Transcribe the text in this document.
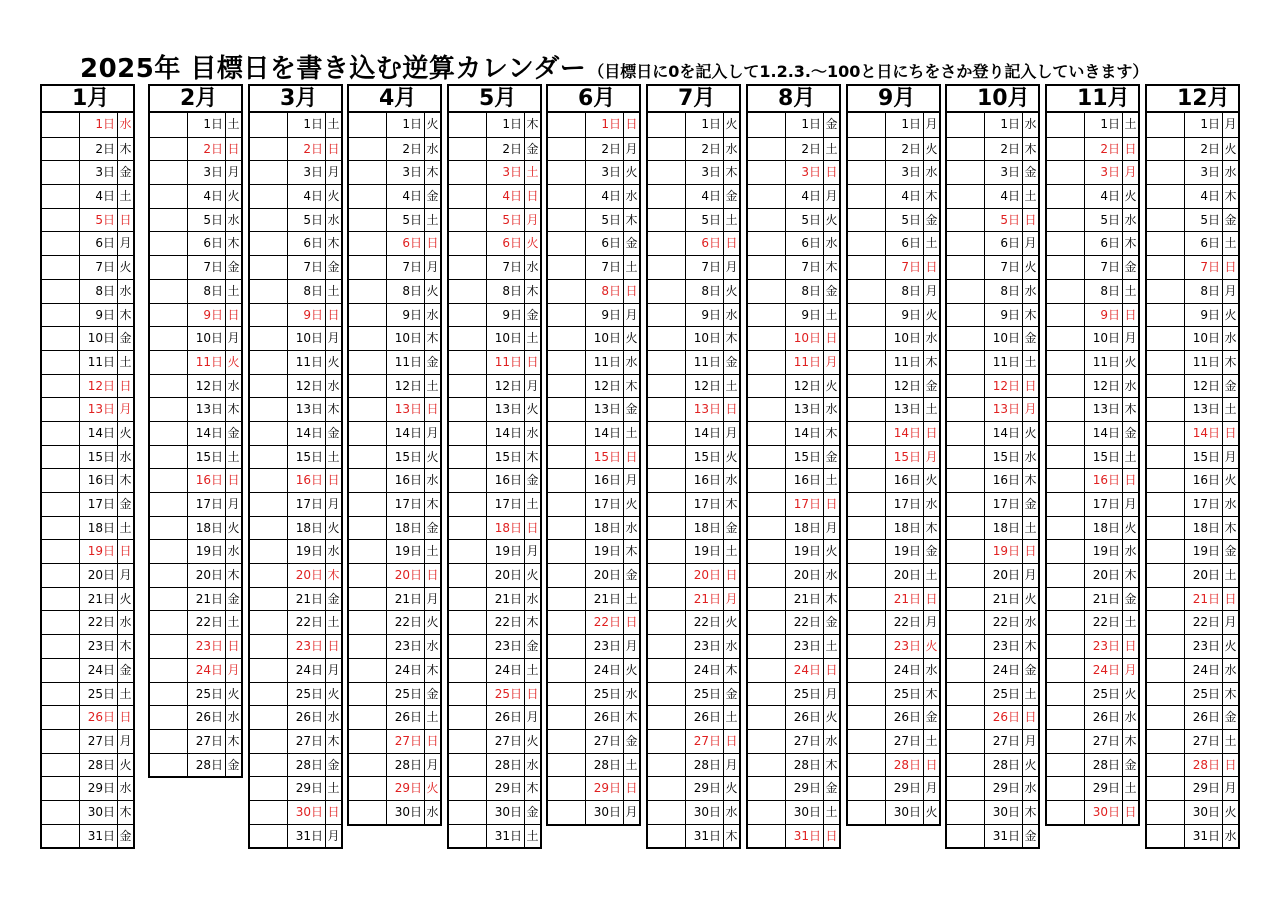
2025年 目標日を書き込む逆算カレンダー （目標日に0を記入して1.2.3.～100と日にちをさか登り記入していきます）
1月
1日 水
2日 木
3日 金
4日 土
5日 日
6日 月
7日 火
8日 水
9日 木
10日 金
11日 土
12日 日
13日 月
14日 火
15日 水
16日 木
17日 金
18日 土
19日 日
20日 月
21日 火
22日 水
23日 木
24日 金
25日 土
26日 日
27日 月
28日 火
29日 水
30日 木
31日 金
2月
1日 土
2日 日
3日 月
4日 火
5日 水
6日 木
7日 金
8日 土
9日 日
10日 月
11日 火
12日 水
13日 木
14日 金
15日 土
16日 日
17日 月
18日 火
19日 水
20日 木
21日 金
22日 土
23日 日
24日 月
25日 火
26日 水
27日 木
28日 金
3月
1日 土
2日 日
3日 月
4日 火
5日 水
6日 木
7日 金
8日 土
9日 日
10日 月
11日 火
12日 水
13日 木
14日 金
15日 土
16日 日
17日 月
18日 火
19日 水
20日 木
21日 金
22日 土
23日 日
24日 月
25日 火
26日 水
27日 木
28日 金
29日 土
30日 日
31日 月
4月
1日 火
2日 水
3日 木
4日 金
5日 土
6日 日
7日 月
8日 火
9日 水
10日 木
11日 金
12日 土
13日 日
14日 月
15日 火
16日 水
17日 木
18日 金
19日 土
20日 日
21日 月
22日 火
23日 水
24日 木
25日 金
26日 土
27日 日
28日 月
29日 火
30日 水
5月
1日 木
2日 金
3日 土
4日 日
5日 月
6日 火
7日 水
8日 木
9日 金
10日 土
11日 日
12日 月
13日 火
14日 水
15日 木
16日 金
17日 土
18日 日
19日 月
20日 火
21日 水
22日 木
23日 金
24日 土
25日 日
26日 月
27日 火
28日 水
29日 木
30日 金
31日 土
6月
1日 日
2日 月
3日 火
4日 水
5日 木
6日 金
7日 土
8日 日
9日 月
10日 火
11日 水
12日 木
13日 金
14日 土
15日 日
16日 月
17日 火
18日 水
19日 木
20日 金
21日 土
22日 日
23日 月
24日 火
25日 水
26日 木
27日 金
28日 土
29日 日
30日 月
7月
1日 火
2日 水
3日 木
4日 金
5日 土
6日 日
7日 月
8日 火
9日 水
10日 木
11日 金
12日 土
13日 日
14日 月
15日 火
16日 水
17日 木
18日 金
19日 土
20日 日
21日 月
22日 火
23日 水
24日 木
25日 金
26日 土
27日 日
28日 月
29日 火
30日 水
31日 木
8月
1日 金
2日 土
3日 日
4日 月
5日 火
6日 水
7日 木
8日 金
9日 土
10日 日
11日 月
12日 火
13日 水
14日 木
15日 金
16日 土
17日 日
18日 月
19日 火
20日 水
21日 木
22日 金
23日 土
24日 日
25日 月
26日 火
27日 水
28日 木
29日 金
30日 土
31日 日
9月
1日 月
2日 火
3日 水
4日 木
5日 金
6日 土
7日 日
8日 月
9日 火
10日 水
11日 木
12日 金
13日 土
14日 日
15日 月
16日 火
17日 水
18日 木
19日 金
20日 土
21日 日
22日 月
23日 火
24日 水
25日 木
26日 金
27日 土
28日 日
29日 月
30日 火
10月
1日 水
2日 木
3日 金
4日 土
5日 日
6日 月
7日 火
8日 水
9日 木
10日 金
11日 土
12日 日
13日 月
14日 火
15日 水
16日 木
17日 金
18日 土
19日 日
20日 月
21日 火
22日 水
23日 木
24日 金
25日 土
26日 日
27日 月
28日 火
29日 水
30日 木
31日 金
11月
1日 土
2日 日
3日 月
4日 火
5日 水
6日 木
7日 金
8日 土
9日 日
10日 月
11日 火
12日 水
13日 木
14日 金
15日 土
16日 日
17日 月
18日 火
19日 水
20日 木
21日 金
22日 土
23日 日
24日 月
25日 火
26日 水
27日 木
28日 金
29日 土
30日 日
12月
1日 月
2日 火
3日 水
4日 木
5日 金
6日 土
7日 日
8日 月
9日 火
10日 水
11日 木
12日 金
13日 土
14日 日
15日 月
16日 火
17日 水
18日 木
19日 金
20日 土
21日 日
22日 月
23日 火
24日 水
25日 木
26日 金
27日 土
28日 日
29日 月
30日 火
31日 水
